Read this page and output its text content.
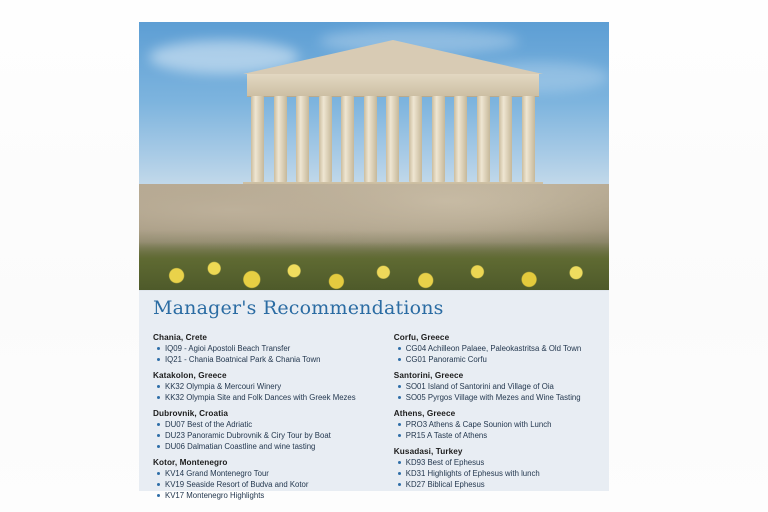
Manager's Recommendations
Chania, Crete
IQ09 - Agioi Apostoli Beach Transfer
IQ21 - Chania Boatnical Park & Chania Town
Katakolon, Greece
KK32 Olympia & Mercouri Winery
KK32 Olympia Site and Folk Dances with Greek Mezes
Dubrovnik, Croatia
DU07 Best of the Adriatic
DU23 Panoramic Dubrovnik & Ciry Tour by Boat
DU06 Dalmatian Coastline and wine tasting
Kotor, Montenegro
KV14 Grand Montenegro Tour
KV19 Seaside Resort of Budva and Kotor
KV17 Montenegro Highlights
Corfu, Greece
CG04 Achilleon Palaee, Paleokastritsa & Old Town
CG01 Panoramic Corfu
Santorini, Greece
SO01 Island of Santorini and Village of Oia
SO05 Pyrgos Village with Mezes and Wine Tasting
Athens, Greece
PRO3 Athens & Cape Sounion with Lunch
PR15 A Taste of Athens
Kusadasi, Turkey
KD93 Best of Ephesus
KD31 Highlights of Ephesus with lunch
KD27 Biblical Ephesus
